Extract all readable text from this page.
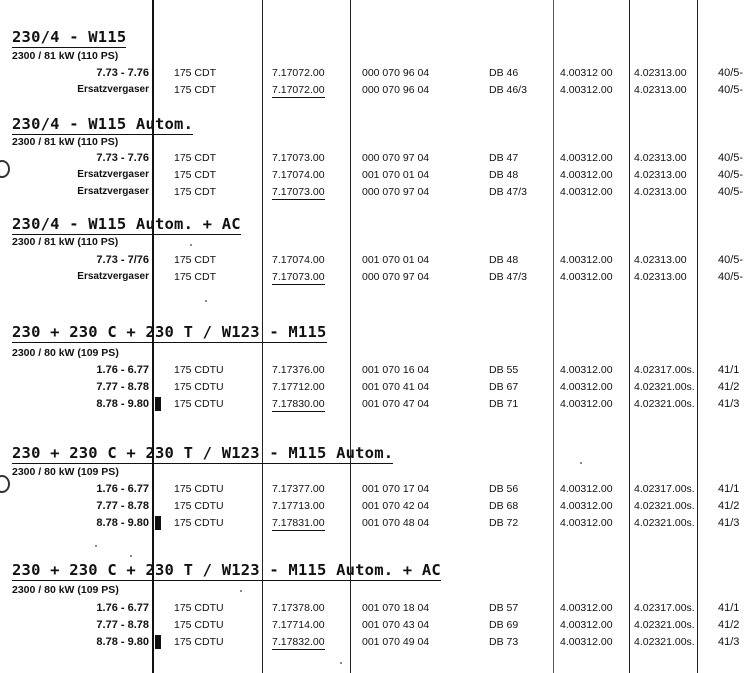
230/4 - W115
2300 / 81 kW (110 PS)
7.73 - 7.76 175 CDT	7.17072.00	000 070 96 04	DB 46	4.00312 00 4.02313.00	40/5-
Ersatzvergaser 175 CDT	7.17072.00	000 070 96 04	DB 46/3	4.00312.00 4.02313.00	40/5-
230/4 - W115 Autom.
2300 / 81 kW (110 PS)
7.73 - 7.76 175 CDT	7.17073.00	000 070 97 04	DB 47	4.00312.00 4.02313.00	40/5-
Ersatzvergaser 175 CDT	7.17074.00	001 070 01 04	DB 48	4.00312.00 4.02313.00	40/5-
Ersatzvergaser 175 CDT	7.17073.00	000 070 97 04	DB 47/3	4.00312.00 4.02313.00	40/5-
230/4 - W115 Autom. + AC
2300 / 81 kW (110 PS)
7.73 - 7/76 175 CDT	7.17074.00	001 070 01 04	DB 48	4.00312.00 4.02313.00	40/5-
Ersatzvergaser 175 CDT	7.17073.00	000 070 97 04	DB 47/3	4.00312.00 4.02313.00	40/5-
230 + 230 C + 230 T / W123 - M115
2300 / 80 kW (109 PS)
1.76 - 6.77 175 CDTU	7.17376.00	001 070 16 04	DB 55	4.00312.00 4.02317.00s. 41/1
7.77 - 8.78 175 CDTU	7.17712.00	001 070 41 04	DB 67	4.00312.00 4.02321.00s. 41/2
8.78 - 9.80 175 CDTU	7.17830.00	001 070 47 04	DB 71	4.00312.00 4.02321.00s. 41/3
230 + 230 C + 230 T / W123 - M115 Autom.
2300 / 80 kW (109 PS)
1.76 - 6.77 175 CDTU	7.17377.00	001 070 17 04	DB 56	4.00312.00 4.02317.00s. 41/1
7.77 - 8.78 175 CDTU	7.17713.00	001 070 42 04	DB 68	4.00312.00 4.02321.00s. 41/2
8.78 - 9.80 175 CDTU	7.17831.00	001 070 48 04	DB 72	4.00312.00 4.02321.00s. 41/3
230 + 230 C + 230 T / W123 - M115 Autom. + AC
2300 / 80 kW (109 PS)
1.76 - 6.77 175 CDTU	7.17378.00	001 070 18 04	DB 57	4.00312.00 4.02317.00s. 41/1
7.77 - 8.78 175 CDTU	7.17714.00	001 070 43 04	DB 69	4.00312.00 4.02321.00s. 41/2
8.78 - 9.80 175 CDTU	7.17832.00	001 070 49 04	DB 73	4.00312.00 4.02321.00s. 41/3
